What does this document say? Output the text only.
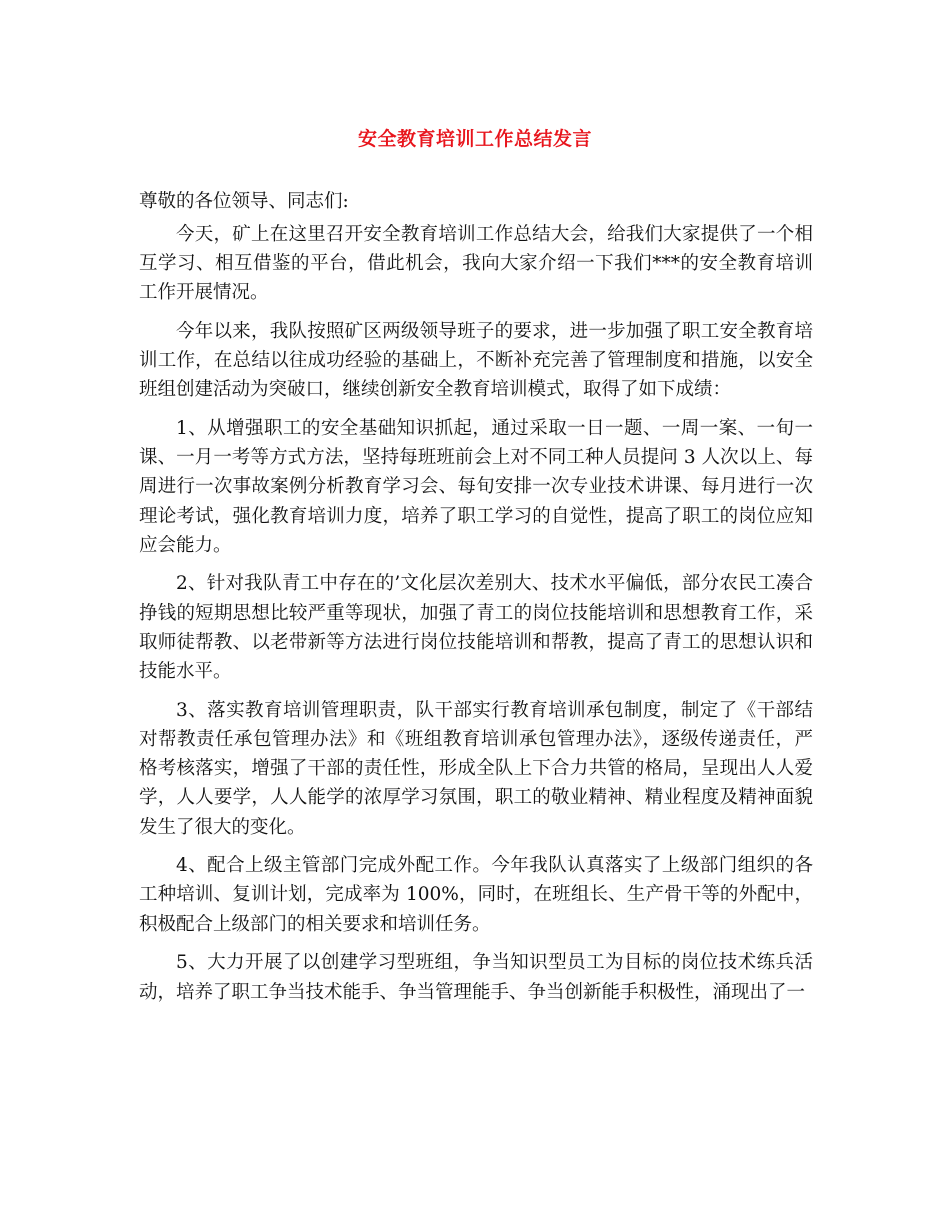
安全教育培训工作总结发言

尊敬的各位领导、同志们:

今天，矿上在这里召开安全教育培训工作总结大会，给我们大家提供了一个相互学习、相互借鉴的平台，借此机会，我向大家介绍一下我们***的安全教育培训工作开展情况。

今年以来，我队按照矿区两级领导班子的要求，进一步加强了职工安全教育培训工作，在总结以往成功经验的基础上，不断补充完善了管理制度和措施，以安全班组创建活动为突破口，继续创新安全教育培训模式，取得了如下成绩：

1、从增强职工的安全基础知识抓起，通过采取一日一题、一周一案、一旬一课、一月一考等方式方法，坚持每班班前会上对不同工种人员提问 3 人次以上、每周进行一次事故案例分析教育学习会、每旬安排一次专业技术讲课、每月进行一次理论考试，强化教育培训力度，培养了职工学习的自觉性，提高了职工的岗位应知应会能力。

2、针对我队青工中存在的’文化层次差别大、技术水平偏低，部分农民工凑合挣钱的短期思想比较严重等现状，加强了青工的岗位技能培训和思想教育工作，采取师徒帮教、以老带新等方法进行岗位技能培训和帮教，提高了青工的思想认识和技能水平。

3、落实教育培训管理职责，队干部实行教育培训承包制度，制定了《干部结对帮教责任承包管理办法》和《班组教育培训承包管理办法》，逐级传递责任，严格考核落实，增强了干部的责任性，形成全队上下合力共管的格局，呈现出人人爱学，人人要学，人人能学的浓厚学习氛围，职工的敬业精神、精业程度及精神面貌发生了很大的变化。

4、配合上级主管部门完成外配工作。今年我队认真落实了上级部门组织的各工种培训、复训计划，完成率为 100%，同时，在班组长、生产骨干等的外配中，积极配合上级部门的相关要求和培训任务。

5、大力开展了以创建学习型班组，争当知识型员工为目标的岗位技术练兵活动，培养了职工争当技术能手、争当管理能手、争当创新能手积极性，涌现出了一
